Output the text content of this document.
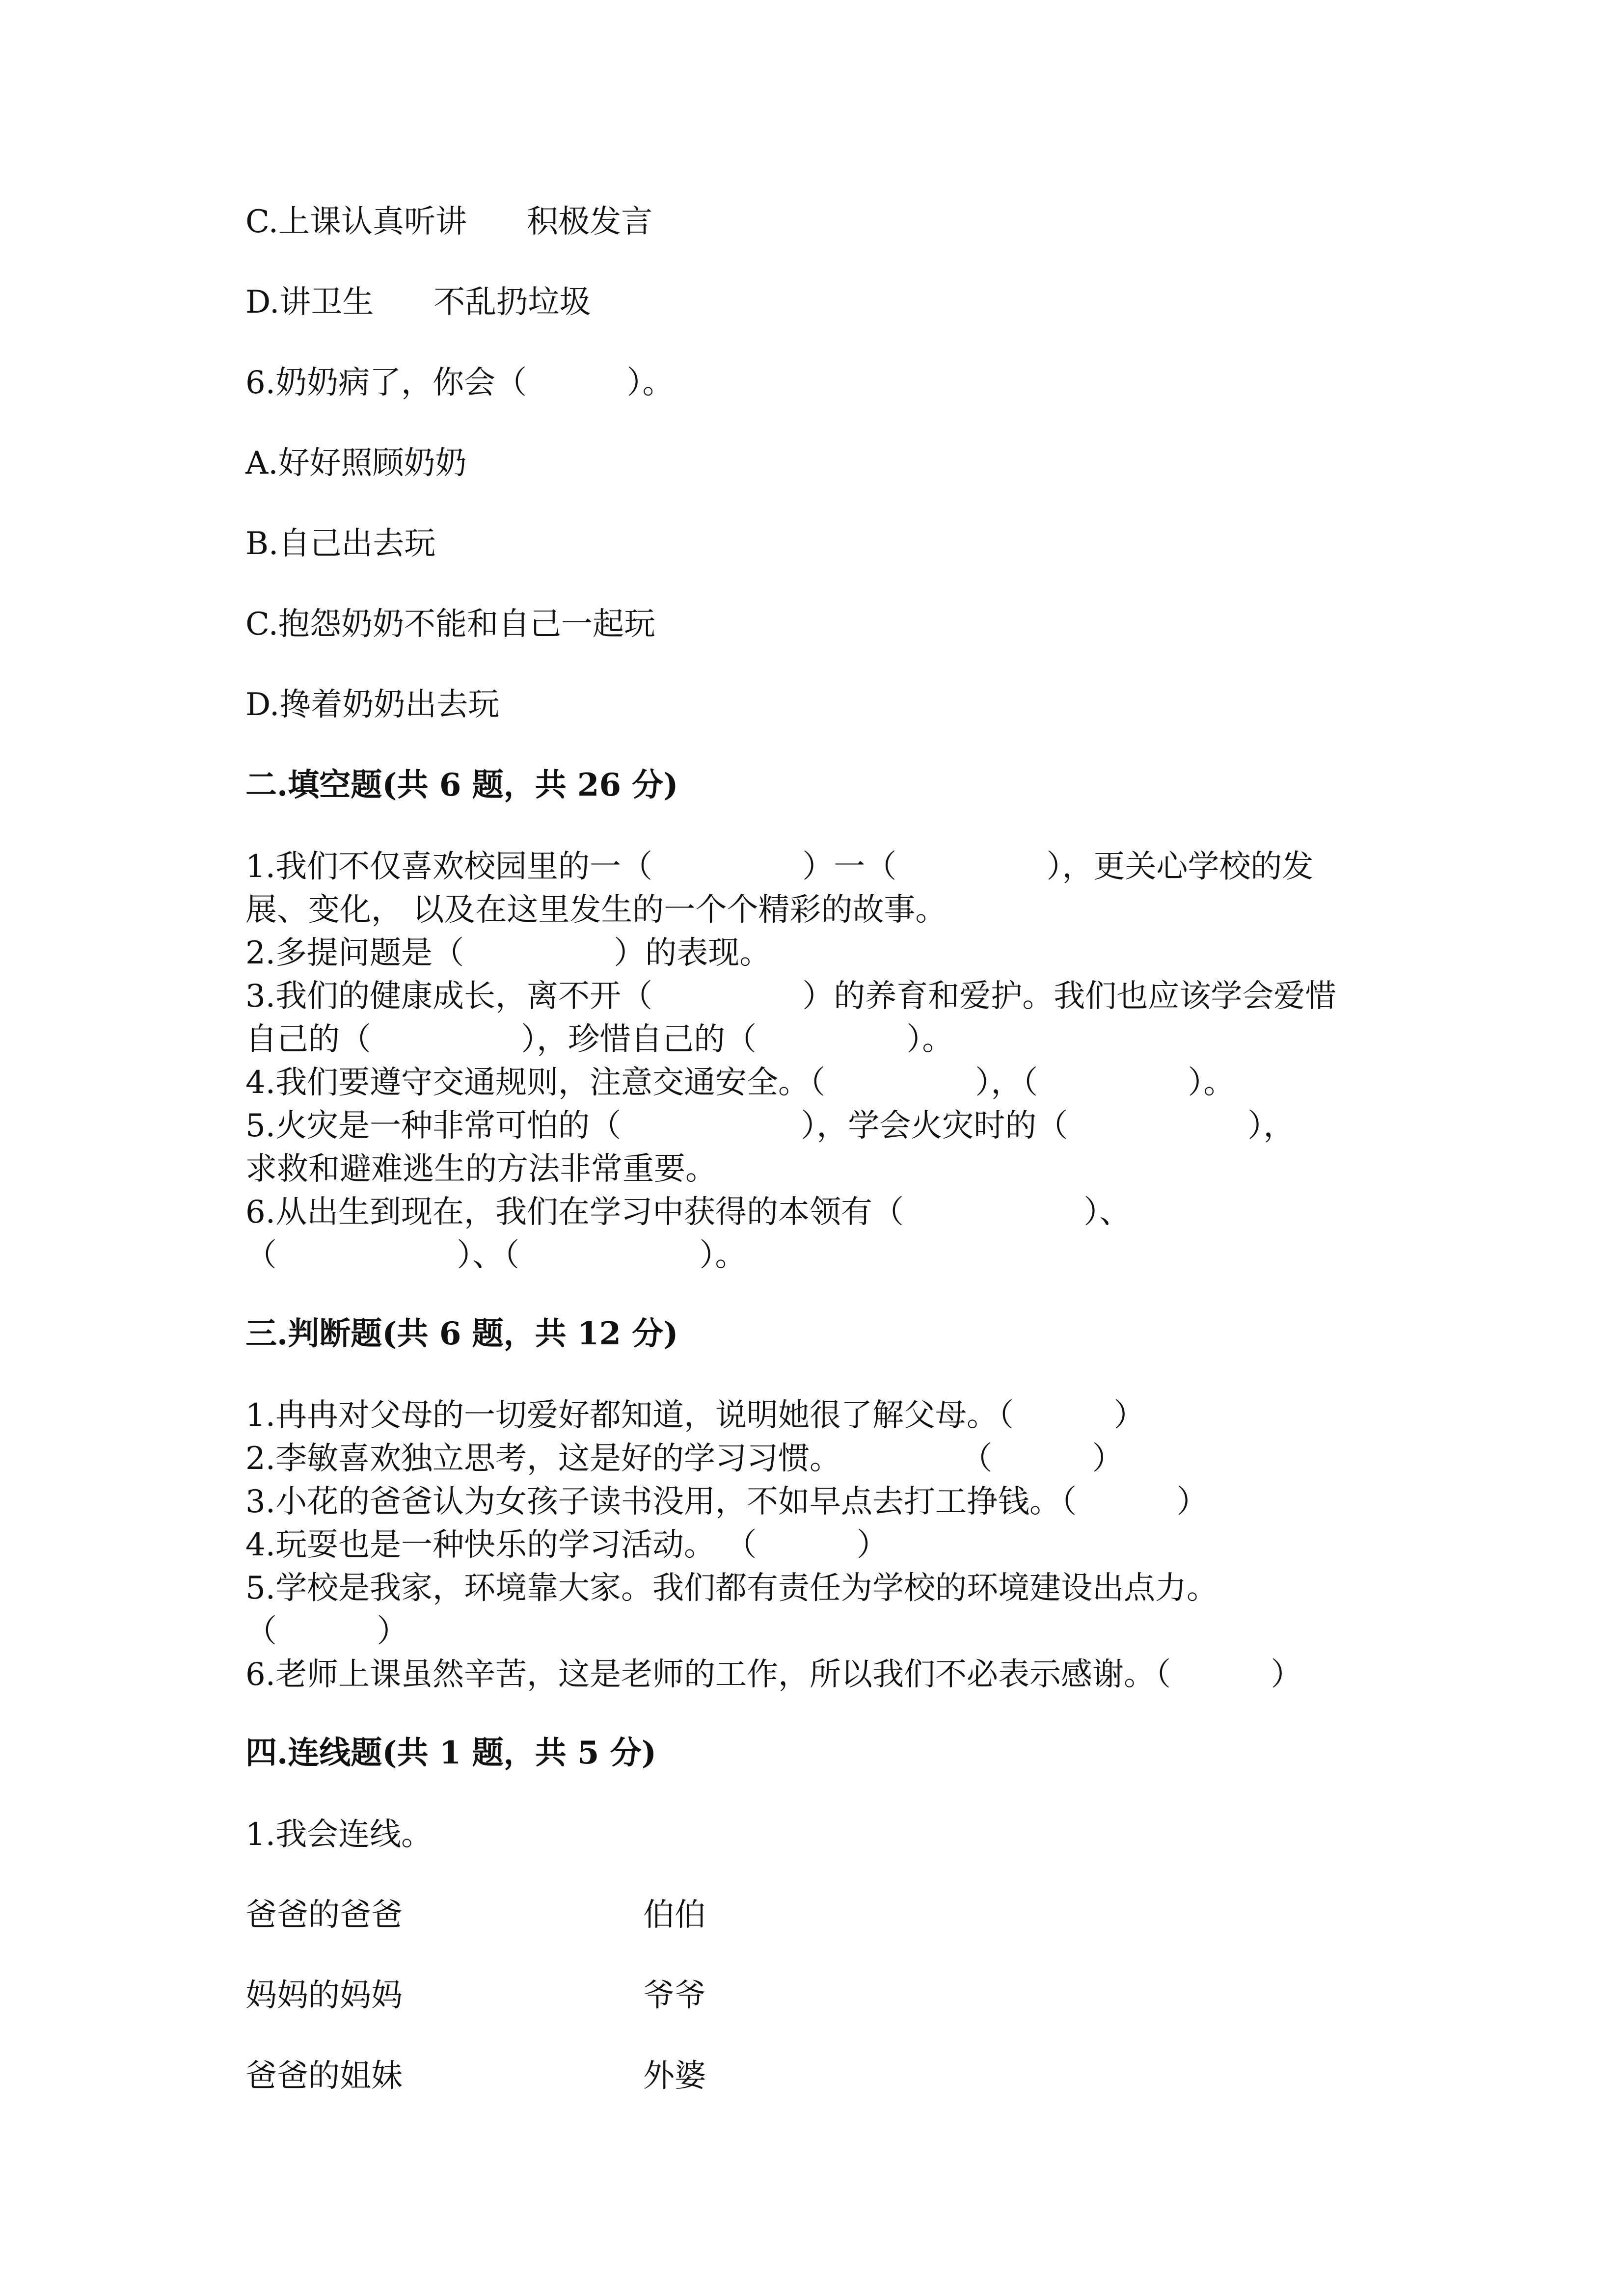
C.上课认真听讲      积极发言
D.讲卫生      不乱扔垃圾
6.奶奶病了，你会（          ）。
A.好好照顾奶奶
B.自己出去玩
C.抱怨奶奶不能和自己一起玩
D.搀着奶奶出去玩
二.填空题(共 6 题，共 26 分)
1.我们不仅喜欢校园里的一（               ）一（               ），更关心学校的发
展、变化， 以及在这里发生的一个个精彩的故事。
2.多提问题是（               ）的表现。
3.我们的健康成长，离不开（               ）的养育和爱护。我们也应该学会爱惜
自己的（               ），珍惜自己的（               ）。
4.我们要遵守交通规则，注意交通安全。（               ），（               ）。
5.火灾是一种非常可怕的（                  ），学会火灾时的（                  ），
求救和避难逃生的方法非常重要。
6.从出生到现在，我们在学习中获得的本领有（                  ）、
（                  ）、（                  ）。
三.判断题(共 6 题，共 12 分)
1.冉冉对父母的一切爱好都知道，说明她很了解父母。（          ）
2.李敏喜欢独立思考，这是好的学习习惯。            （          ）
3.小花的爸爸认为女孩子读书没用，不如早点去打工挣钱。（          ）
4.玩耍也是一种快乐的学习活动。 （          ）
5.学校是我家，环境靠大家。我们都有责任为学校的环境建设出点力。
（          ）
6.老师上课虽然辛苦，这是老师的工作，所以我们不必表示感谢。（          ）
四.连线题(共 1 题，共 5 分)
1.我会连线。
爸爸的爸爸	伯伯
妈妈的妈妈	爷爷
爸爸的姐妹	外婆
